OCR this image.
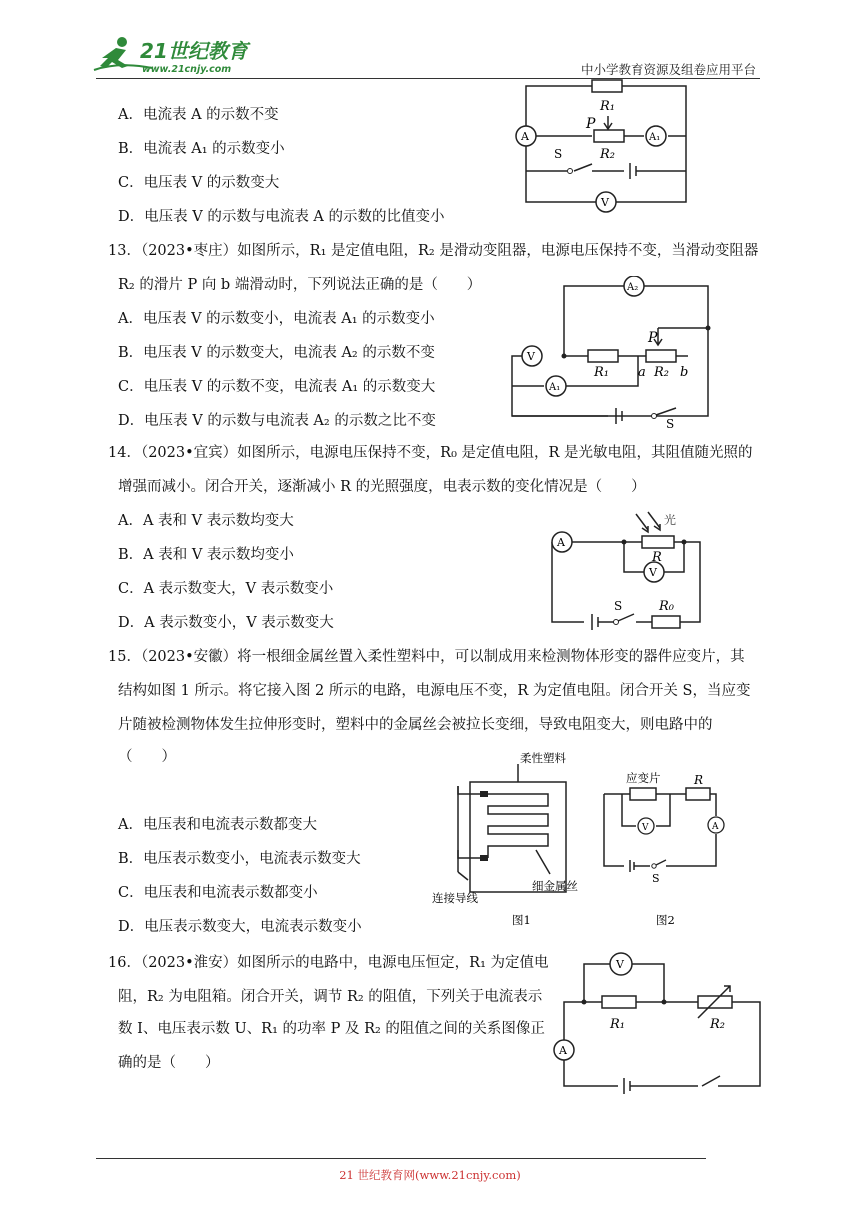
21世纪教育
www.21cnjy.com	中小学教育资源及组卷应用平台
A．电流表 A 的示数不变
B．电流表 A₁ 的示数变小
C．电压表 V 的示数变大
D．电压表 V 的示数与电流表 A 的示数的比值变小
R₁
P
R₂
A	A₁
S
V
13．（2023•枣庄）如图所示，R₁ 是定值电阻，R₂ 是滑动变阻器，电源电压保持不变，当滑动变阻器
R₂ 的滑片 P 向 b 端滑动时，下列说法正确的是（　　）
A．电压表 V 的示数变小，电流表 A₁ 的示数变小
B．电压表 V 的示数变大，电流表 A₂ 的示数不变
C．电压表 V 的示数不变，电流表 A₁ 的示数变大
D．电压表 V 的示数与电流表 A₂ 的示数之比不变
A₂
P
V
R₁ a R₂ b
A₁
S
14．（2023•宜宾）如图所示，电源电压保持不变，R₀ 是定值电阻，R 是光敏电阻，其阻值随光照的
增强而减小。闭合开关，逐渐减小 R 的光照强度，电表示数的变化情况是（　　）
A．A 表和 V 表示数均变大
B．A 表和 V 表示数均变小
C．A 表示数变大，V 表示数变小
D．A 表示数变小，V 表示数变大
光
A
R
V
S	R₀
15．（2023•安徽）将一根细金属丝置入柔性塑料中，可以制成用来检测物体形变的器件应变片，其
结构如图 1 所示。将它接入图 2 所示的电路，电源电压不变，R 为定值电阻。闭合开关 S，当应变
片随被检测物体发生拉伸形变时，塑料中的金属丝会被拉长变细，导致电阻变大，则电路中的
（　　）
A．电压表和电流表示数都变大
B．电压表示数变小，电流表示数变大
C．电压表和电流表示数都变小
D．电压表示数变大，电流表示数变小
柔性塑料
连接导线
细金属丝
图1
应变片	R
V	A
S
图2
16．（2023•淮安）如图所示的电路中，电源电压恒定，R₁ 为定值电
阻，R₂ 为电阻箱。闭合开关，调节 R₂ 的阻值，下列关于电流表示
数 I、电压表示数 U、R₁ 的功率 P 及 R₂ 的阻值之间的关系图像正
确的是（　　）
V
R₁	R₂
A
21 世纪教育网(www.21cnjy.com)
